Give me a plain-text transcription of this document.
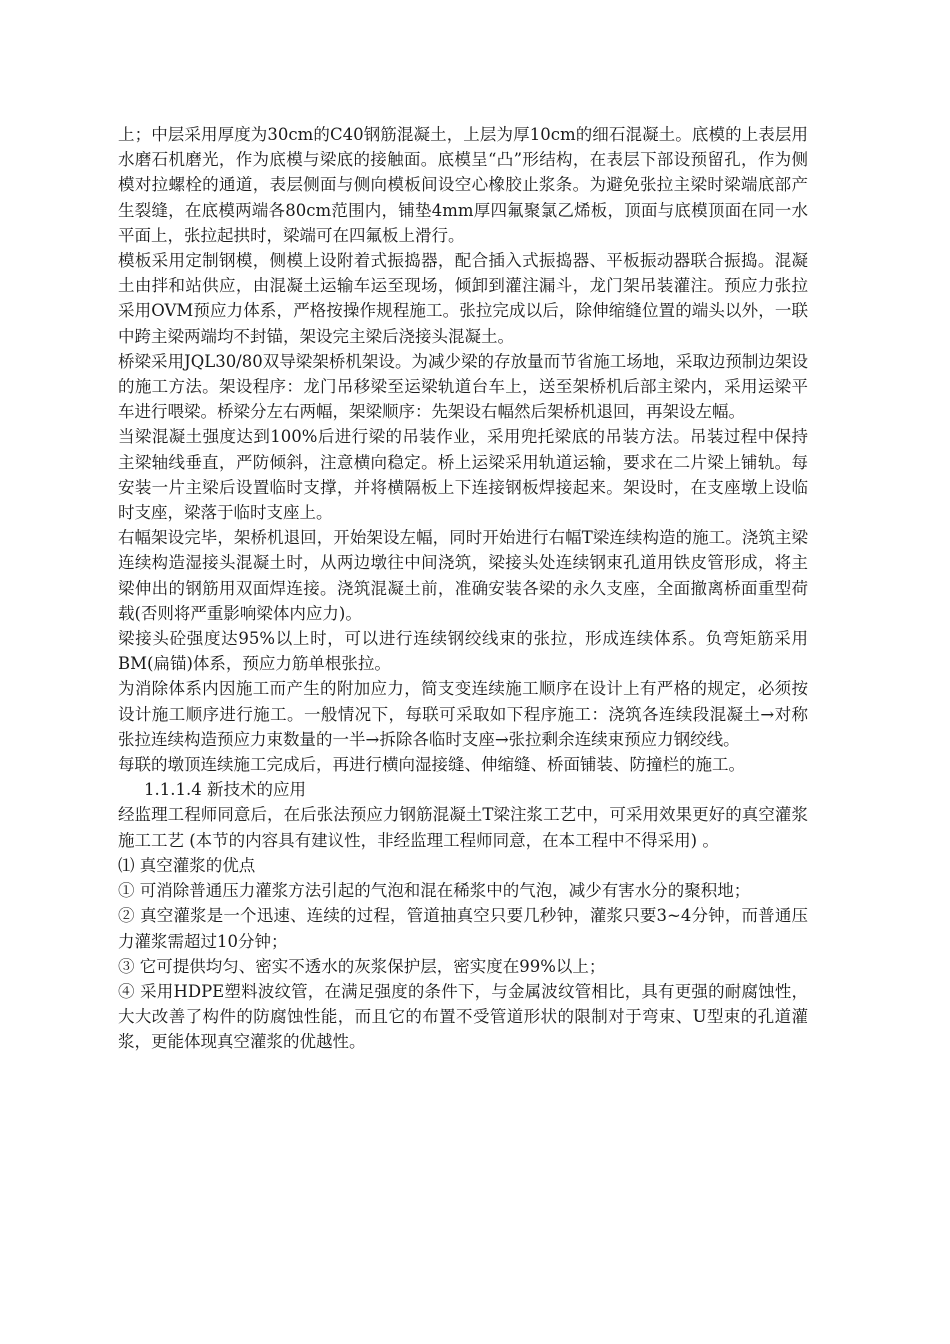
上；中层采用厚度为30cm的C40钢筋混凝土，上层为厚10cm的细石混凝土。底模的上表层用水磨石机磨光，作为底模与梁底的接触面。底模呈“凸”形结构，在表层下部设预留孔，作为侧模对拉螺栓的通道，表层侧面与侧向模板间设空心橡胶止浆条。为避免张拉主梁时梁端底部产生裂缝，在底模两端各80cm范围内，铺垫4mm厚四氟聚氯乙烯板，顶面与底模顶面在同一水平面上，张拉起拱时，梁端可在四氟板上滑行。

模板采用定制钢模，侧模上设附着式振捣器，配合插入式振捣器、平板振动器联合振捣。混凝土由拌和站供应，由混凝土运输车运至现场，倾卸到灌注漏斗，龙门架吊装灌注。预应力张拉采用OVM预应力体系，严格按操作规程施工。张拉完成以后，除伸缩缝位置的端头以外，一联中跨主梁两端均不封锚，架设完主梁后浇接头混凝土。

桥梁采用JQL30/80双导梁架桥机架设。为减少梁的存放量而节省施工场地，采取边预制边架设的施工方法。架设程序：龙门吊移梁至运梁轨道台车上，送至架桥机后部主梁内，采用运梁平车进行喂梁。桥梁分左右两幅，架梁顺序：先架设右幅然后架桥机退回，再架设左幅。

当梁混凝土强度达到100%后进行梁的吊装作业，采用兜托梁底的吊装方法。吊装过程中保持主梁轴线垂直，严防倾斜，注意横向稳定。桥上运梁采用轨道运输，要求在二片梁上铺轨。每安装一片主梁后设置临时支撑，并将横隔板上下连接钢板焊接起来。架设时，在支座墩上设临时支座，梁落于临时支座上。

右幅架设完毕，架桥机退回，开始架设左幅，同时开始进行右幅T梁连续构造的施工。浇筑主梁连续构造湿接头混凝土时，从两边墩往中间浇筑，梁接头处连续钢束孔道用铁皮管形成，将主梁伸出的钢筋用双面焊连接。浇筑混凝土前，准确安装各梁的永久支座，全面撤离桥面重型荷载(否则将严重影响梁体内应力)。

梁接头砼强度达95%以上时，可以进行连续钢绞线束的张拉，形成连续体系。负弯矩筋采用BM(扁锚)体系，预应力筋单根张拉。

为消除体系内因施工而产生的附加应力，简支变连续施工顺序在设计上有严格的规定，必须按设计施工顺序进行施工。一般情况下，每联可采取如下程序施工：浇筑各连续段混凝土→对称张拉连续构造预应力束数量的一半→拆除各临时支座→张拉剩余连续束预应力钢绞线。

每联的墩顶连续施工完成后，再进行横向湿接缝、伸缩缝、桥面铺装、防撞栏的施工。

1.1.1.4 新技术的应用

经监理工程师同意后，在后张法预应力钢筋混凝土T梁注浆工艺中，可采用效果更好的真空灌浆施工工艺 (本节的内容具有建议性，非经监理工程师同意，在本工程中不得采用) 。

⑴ 真空灌浆的优点

① 可消除普通压力灌浆方法引起的气泡和混在稀浆中的气泡，减少有害水分的聚积地；

② 真空灌浆是一个迅速、连续的过程，管道抽真空只要几秒钟，灌浆只要3~4分钟，而普通压力灌浆需超过10分钟；

③ 它可提供均匀、密实不透水的灰浆保护层，密实度在99%以上；

④ 采用HDPE塑料波纹管，在满足强度的条件下，与金属波纹管相比，具有更强的耐腐蚀性，大大改善了构件的防腐蚀性能，而且它的布置不受管道形状的限制对于弯束、U型束的孔道灌浆，更能体现真空灌浆的优越性。
